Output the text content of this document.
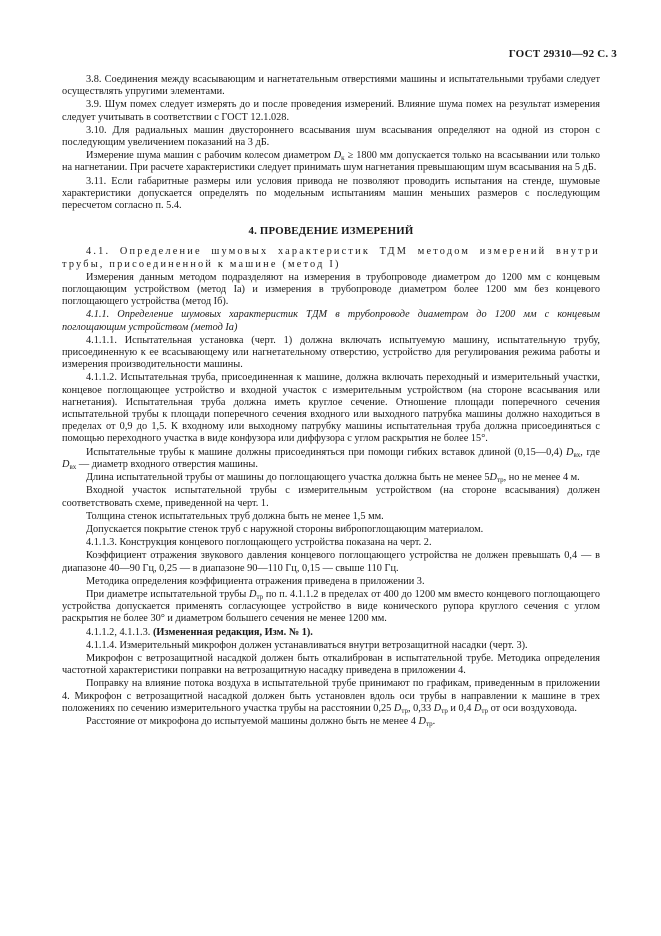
ГОСТ 29310—92 С. 3

3.8. Соединения между всасывающим и нагнетательным отверстиями машины и испытательными трубами следует осуществлять упругими элементами.

3.9. Шум помех следует измерять до и после проведения измерений. Влияние шума помех на результат измерения следует учитывать в соответствии с ГОСТ 12.1.028.

3.10. Для радиальных машин двустороннего всасывания шум всасывания определяют на одной из сторон с последующим увеличением показаний на 3 дБ.

Измерение шума машин с рабочим колесом диаметром $D_к \ge 1800$ мм допускается только на всасывании или только на нагнетании. При расчете характеристики следует принимать шум нагнетания превышающим шум всасывания на 5 дБ.

3.11. Если габаритные размеры или условия привода не позволяют проводить испытания на стенде, шумовые характеристики допускается определять по модельным испытаниям машин меньших размеров с последующим пересчетом согласно п. 5.4.

4. ПРОВЕДЕНИЕ ИЗМЕРЕНИЙ

4.1. Определение шумовых характеристик ТДМ методом измерений внутри трубы, присоединенной к машине (метод I)

Измерения данным методом подразделяют на измерения в трубопроводе диаметром до 1200 мм с концевым поглощающим устройством (метод Iа) и измерения в трубопроводе диаметром более 1200 мм без концевого поглощающего устройства (метод Iб).

4.1.1. Определение шумовых характеристик ТДМ в трубопроводе диаметром до 1200 мм с концевым поглощающим устройством (метод Iа)

4.1.1.1. Испытательная установка (черт. 1) должна включать испытуемую машину, испытательную трубу, присоединенную к ее всасывающему или нагнетательному отверстию, устройство для регулирования режима работы и измерения производительности машины.

4.1.1.2. Испытательная труба, присоединенная к машине, должна включать переходный и измерительный участки, концевое поглощающее устройство и входной участок с измерительным устройством (на стороне всасывания или нагнетания). Испытательная труба должна иметь круглое сечение. Отношение площади поперечного сечения испытательной трубы к площади поперечного сечения входного или выходного патрубка машины должно находиться в пределах от 0,9 до 1,5. К входному или выходному патрубку машины испытательная труба должна присоединяться с помощью переходного участка в виде конфузора или диффузора с углом раскрытия не более 15°.

Испытательные трубы к машине должны присоединяться при помощи гибких вставок длиной (0,15—0,4) $D_{вх}$, где $D_{вх}$ — диаметр входного отверстия машины.

Длина испытательной трубы от машины до поглощающего участка должна быть не менее $5D_{тр}$, но не менее 4 м.

Входной участок испытательной трубы с измерительным устройством (на стороне всасывания) должен соответствовать схеме, приведенной на черт. 1.

Толщина стенок испытательных труб должна быть не менее 1,5 мм.

Допускается покрытие стенок труб с наружной стороны вибропоглощающим материалом.

4.1.1.3. Конструкция концевого поглощающего устройства показана на черт. 2.

Коэффициент отражения звукового давления концевого поглощающего устройства не должен превышать 0,4 — в диапазоне 40—90 Гц, 0,25 — в диапазоне 90—110 Гц, 0,15 — свыше 110 Гц.

Методика определения коэффициента отражения приведена в приложении 3.

При диаметре испытательной трубы $D_{тр}$ по п. 4.1.1.2 в пределах от 400 до 1200 мм вместо концевого поглощающего устройства допускается применять согласующее устройство в виде конического рупора круглого сечения с углом раскрытия не более 30° и диаметром большего сечения не менее 1200 мм.

4.1.1.2, 4.1.1.3. (Измененная редакция, Изм. № 1).

4.1.1.4. Измерительный микрофон должен устанавливаться внутри ветрозащитной насадки (черт. 3).

Микрофон с ветрозащитной насадкой должен быть откалиброван в испытательной трубе. Методика определения частотной характеристики поправки на ветрозащитную насадку приведена в приложении 4.

Поправку на влияние потока воздуха в испытательной трубе принимают по графикам, приведенным в приложении 4. Микрофон с ветрозащитной насадкой должен быть установлен вдоль оси трубы в направлении к машине в трех положениях по сечению измерительного участка трубы на расстоянии 0,25 $D_{тр}$, 0,33 $D_{тр}$ и 0,4 $D_{тр}$ от оси воздуховода.

Расстояние от микрофона до испытуемой машины должно быть не менее 4 $D_{тр}$.
